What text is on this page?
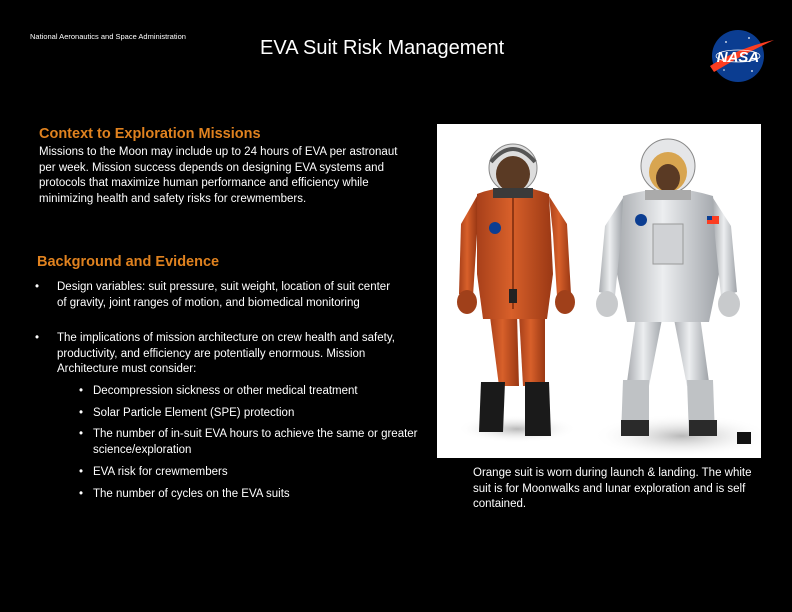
National Aeronautics and Space Administration
EVA Suit Risk Management	NASA
Context to Exploration Missions
Missions to the Moon may include up to 24 hours of EVA per astronaut per week. Mission success depends on designing EVA systems and protocols that maximize human performance and efficiency while minimizing health and safety risks for crewmembers.
Background and Evidence
• Design variables: suit pressure, suit weight, location of suit center of gravity, joint ranges of motion, and biomedical monitoring
• The implications of mission architecture on crew health and safety, productivity, and efficiency are potentially enormous. Mission Architecture must consider:
• Decompression sickness or other medical treatment
• Solar Particle Element (SPE) protection
• The number of in-suit EVA hours to achieve the same or greater science/exploration
• EVA risk for crewmembers
• The number of cycles on the EVA suits
Orange suit is worn during launch & landing. The white suit is for Moonwalks and lunar exploration and is self contained.
